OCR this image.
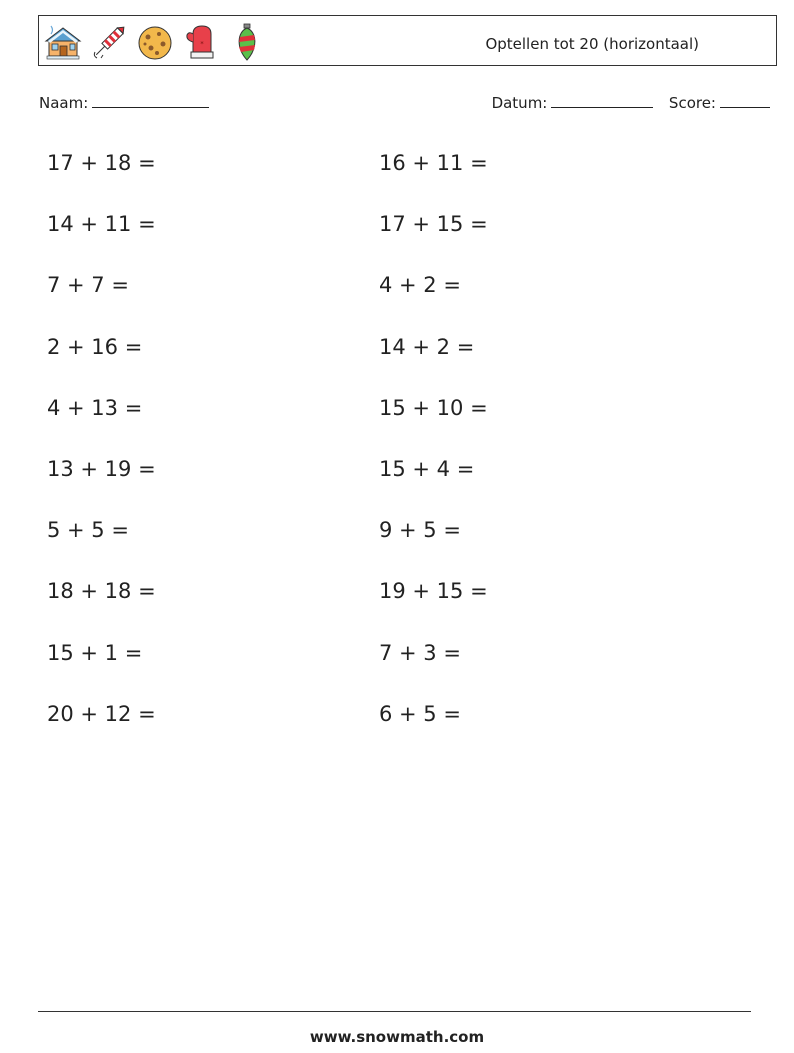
*	Optellen tot 20 (horizontaal)
Naam:	Datum:	Score:
17 + 18 =	16 + 11 =
14 + 11 =	17 + 15 =
7 + 7 =	4 + 2 =
2 + 16 =	14 + 2 =
4 + 13 =	15 + 10 =
13 + 19 =	15 + 4 =
5 + 5 =	9 + 5 =
18 + 18 =	19 + 15 =
15 + 1 =	7 + 3 =
20 + 12 =	6 + 5 =
www.snowmath.com
